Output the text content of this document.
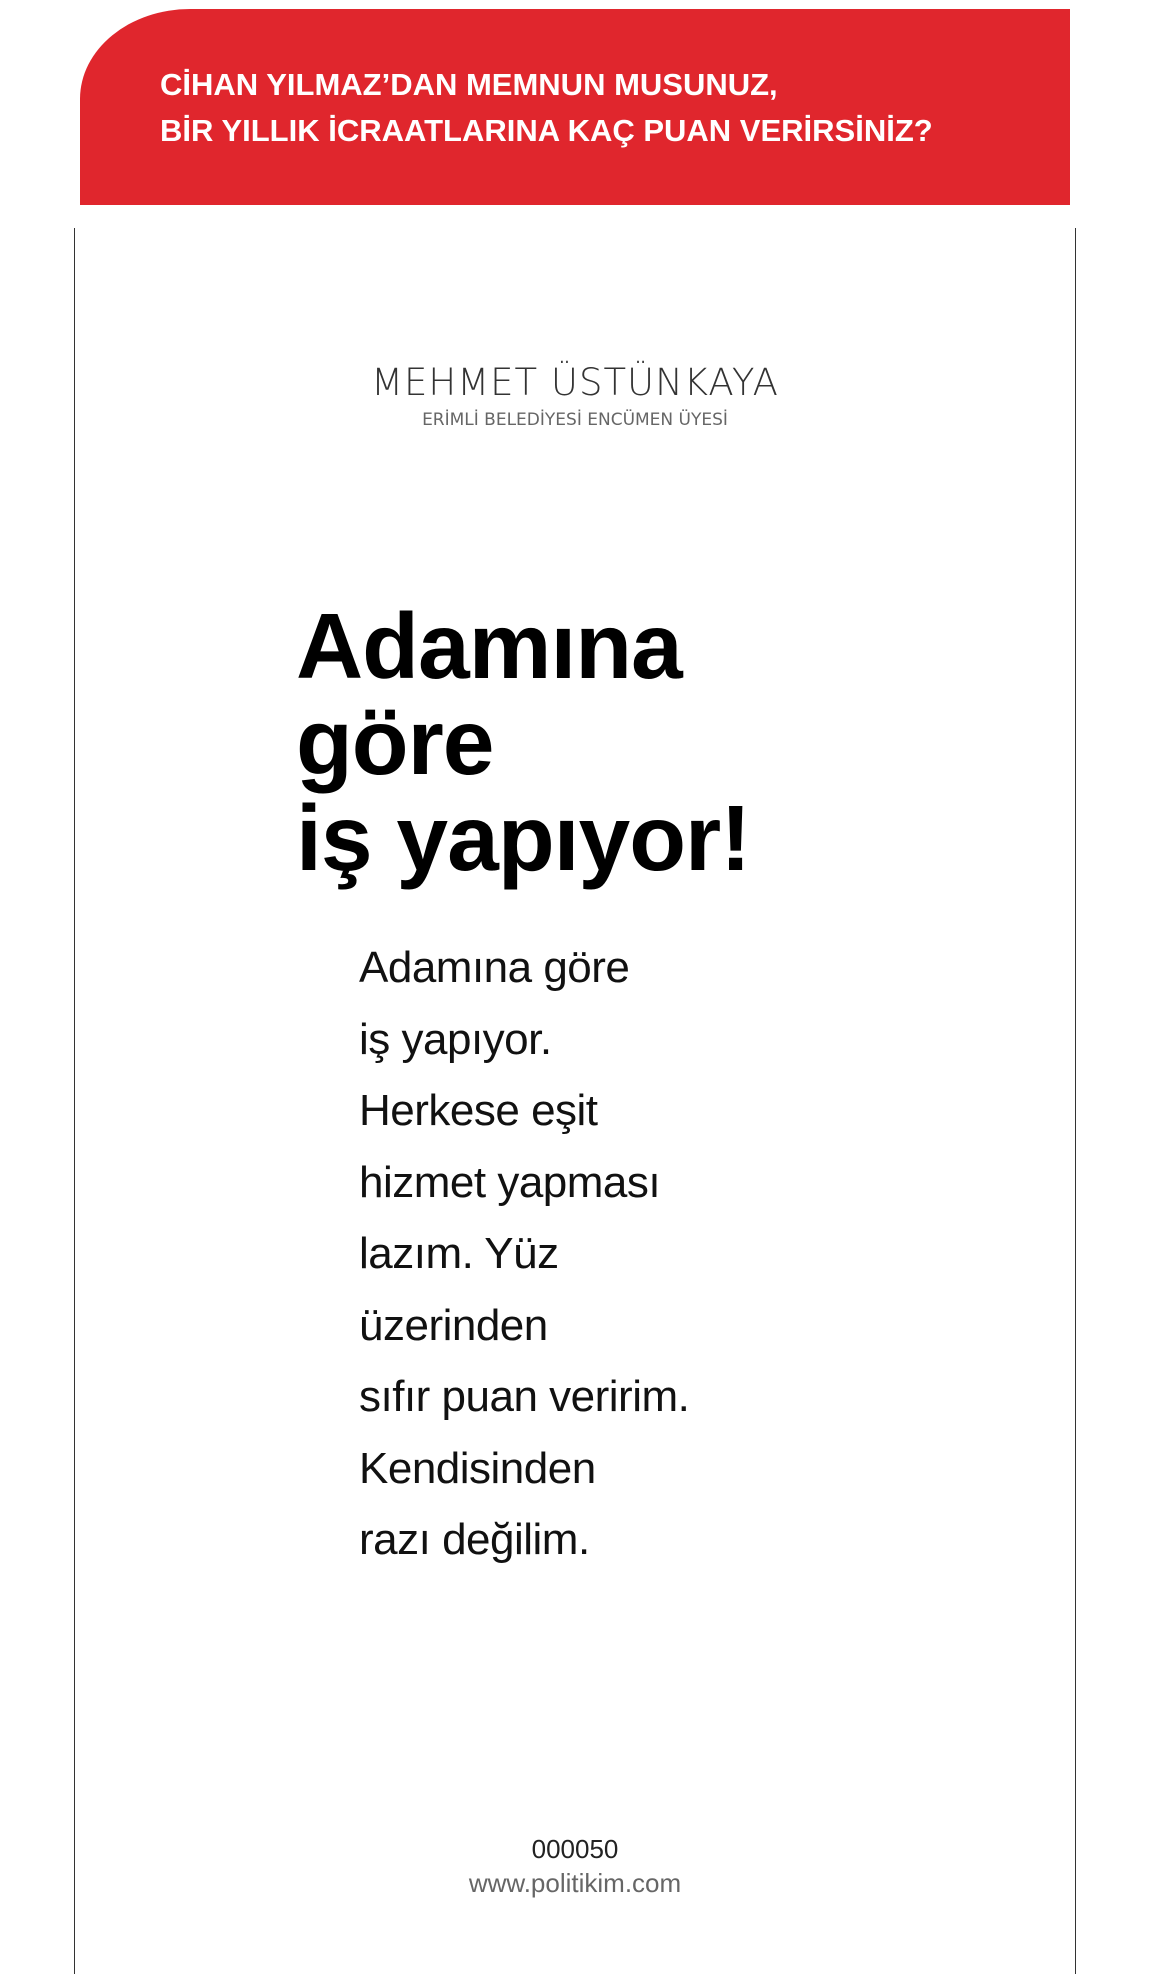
CİHAN YILMAZ’DAN MEMNUN MUSUNUZ,
BİR YILLIK İCRAATLARINA KAÇ PUAN VERİRSİNİZ?
MEHMET ÜSTÜNKAYA
ERİMLİ BELEDİYESİ ENCÜMEN ÜYESİ
Adamına
göre
iş yapıyor!
Adamına göre
iş yapıyor.
Herkese eşit
hizmet yapması
lazım. Yüz
üzerinden
sıfır puan veririm.
Kendisinden
razı değilim.
000050
www.politikim.com
